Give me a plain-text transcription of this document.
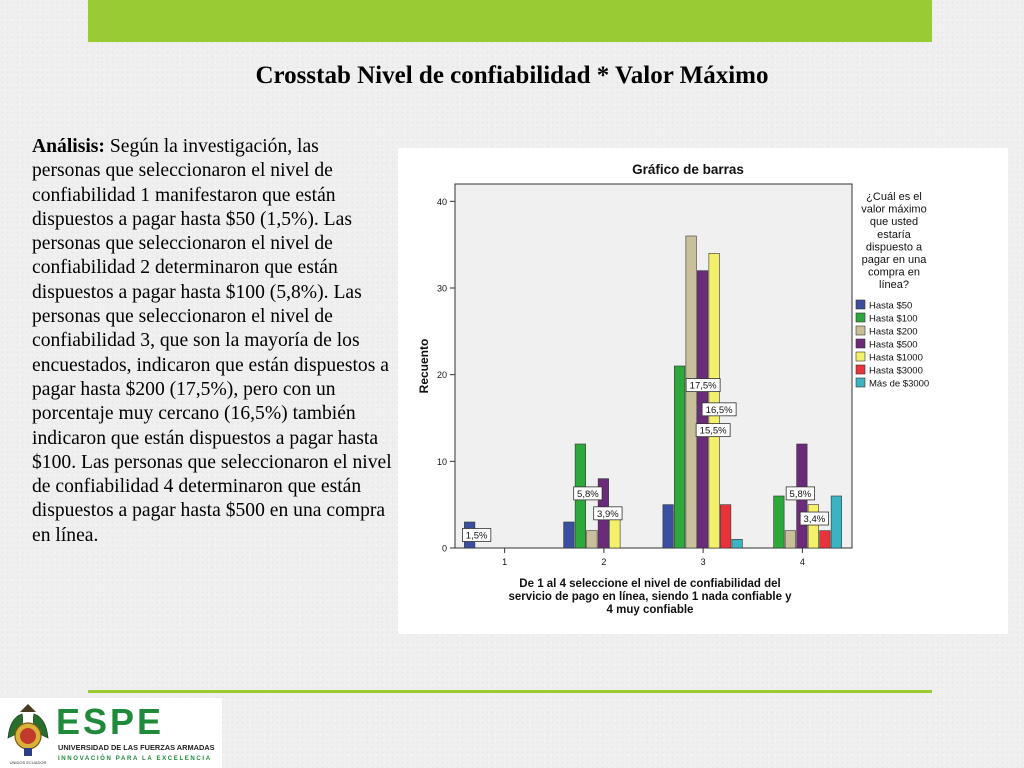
Crosstab Nivel de confiabilidad * Valor Máximo
Análisis: Según la investigación, las personas que seleccionaron el nivel de confiabilidad 1 manifestaron que están dispuestos a pagar hasta $50 (1,5%). Las personas que seleccionaron el nivel de confiabilidad 2 determinaron que están dispuestos a pagar hasta $100 (5,8%). Las personas que seleccionaron el nivel de confiabilidad 3, que son la mayoría de los encuestados, indicaron que están dispuestos a pagar hasta $200 (17,5%), pero con un porcentaje muy cercano (16,5%) también indicaron que están dispuestos a pagar hasta $100. Las personas que seleccionaron el nivel de confiabilidad 4 determinaron que están dispuestos a pagar hasta $500 en una compra en línea.
Gráfico de barras
0
10
20
30
40
Recuento
1	2	3	4
1,5%
5,8%
3,9%
17,5%
16,5%
15,5%
5,8%
3,4%
De 1 al 4 seleccione el nivel de confiabilidad del
servicio de pago en línea, siendo 1 nada confiable y
4 muy confiable
¿Cuál es el
valor máximo
que usted
estaría
dispuesto a
pagar en una
compra en
línea?
Hasta $50
Hasta $100
Hasta $200
Hasta $500
Hasta $1000
Hasta $3000
Más de $3000
UNIDOS ECUADOR
ESPE
UNIVERSIDAD DE LAS FUERZAS ARMADAS
INNOVACIÓN PARA LA EXCELENCIA
